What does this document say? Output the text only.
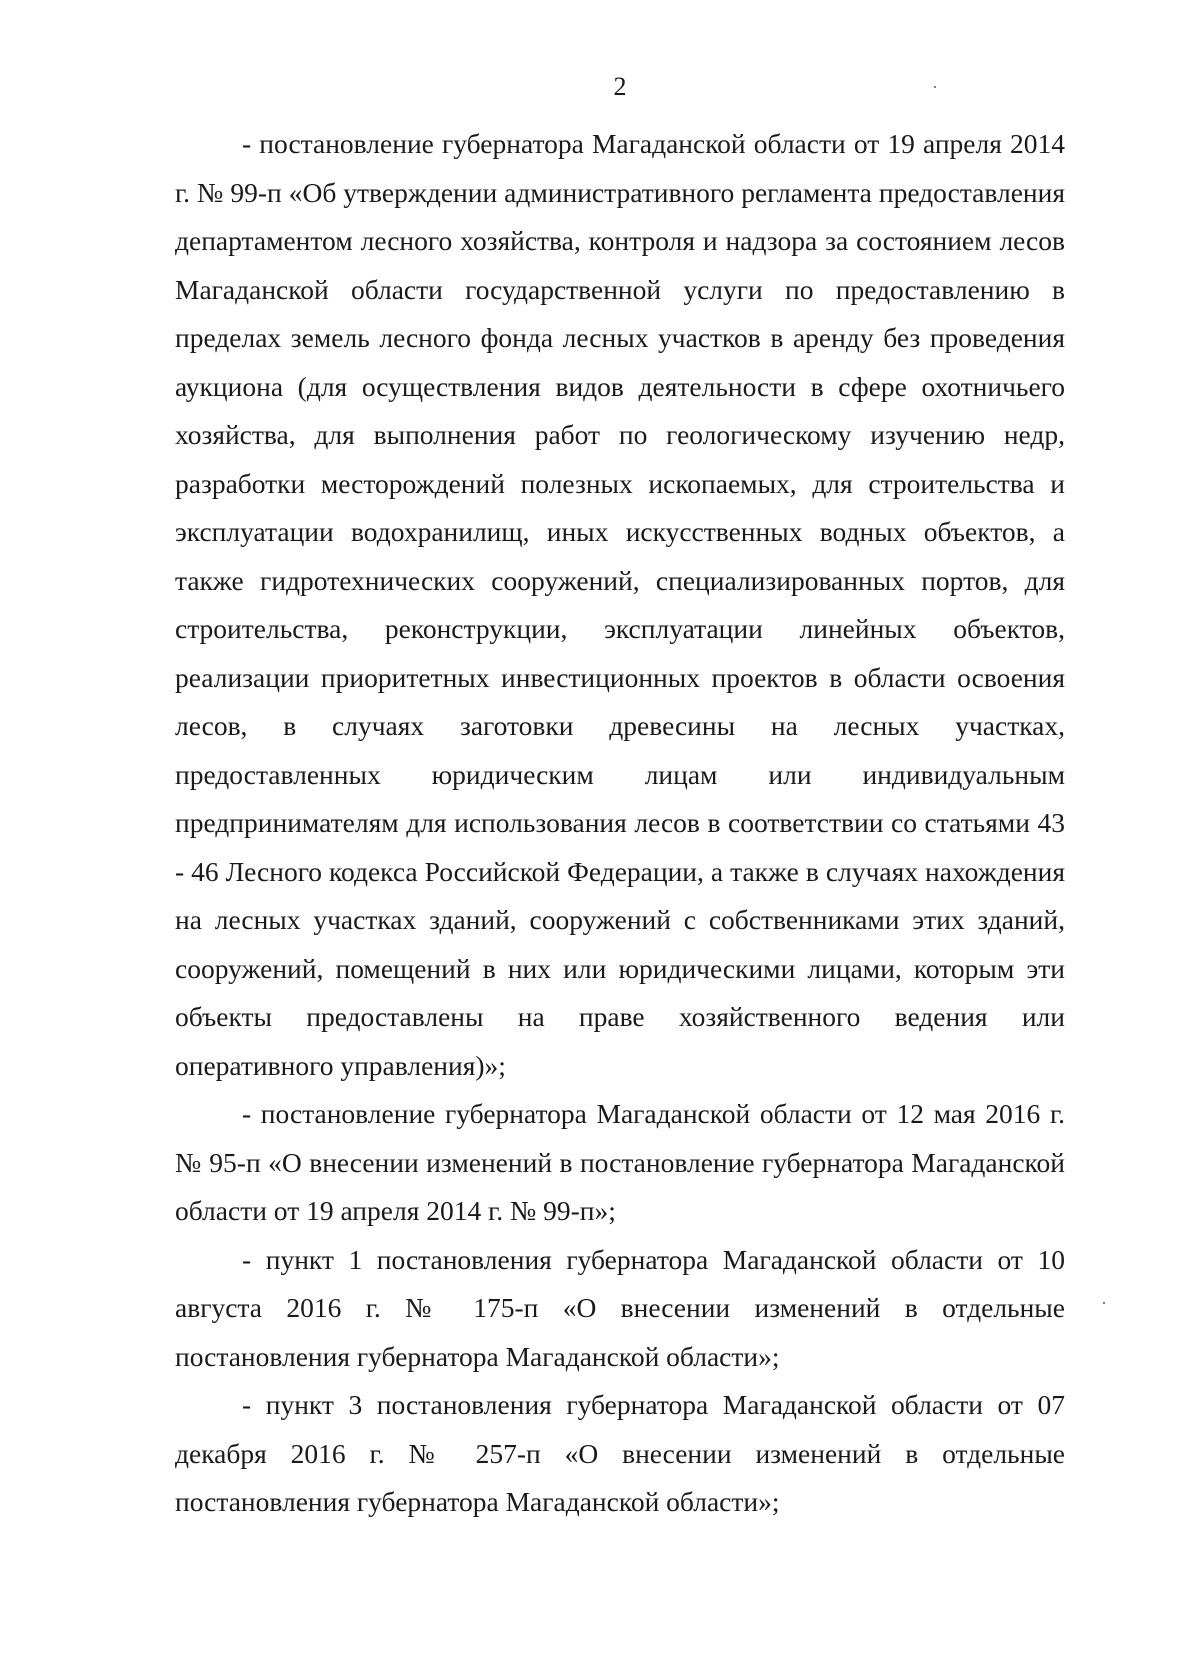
2

- постановление губернатора Магаданской области от 19 апреля 2014 г. № 99-п «Об утверждении административного регламента предоставления департаментом лесного хозяйства, контроля и надзора за состоянием лесов Магаданской области государственной услуги по предоставлению в пределах земель лесного фонда лесных участков в аренду без проведения аукциона (для осуществления видов деятельности в сфере охотничьего хозяйства, для выполнения работ по геологическому изучению недр, разработки месторождений полезных ископаемых, для строительства и эксплуатации водохранилищ, иных искусственных водных объектов, а также гидротехнических сооружений, специализированных портов, для строительства, реконструкции, эксплуатации линейных объектов, реализации приоритетных инвестиционных проектов в области освоения лесов, в случаях заготовки древесины на лесных участках, предоставленных юридическим лицам или индивидуальным предпринимателям для использования лесов в соответствии со статьями 43 - 46 Лесного кодекса Российской Федерации, а также в случаях нахождения на лесных участках зданий, сооружений с собственниками этих зданий, сооружений, помещений в них или юридическими лицами, которым эти объекты предоставлены на праве хозяйственного ведения или оперативного управления)»;

- постановление губернатора Магаданской области от 12 мая 2016 г. № 95-п «О внесении изменений в постановление губернатора Магаданской области от 19 апреля 2014 г. № 99-п»;

- пункт 1 постановления губернатора Магаданской области от 10 августа 2016 г. № 175-п «О внесении изменений в отдельные постановления губернатора Магаданской области»;

- пункт 3 постановления губернатора Магаданской области от 07 декабря 2016 г. № 257-п «О внесении изменений в отдельные постановления губернатора Магаданской области»;
